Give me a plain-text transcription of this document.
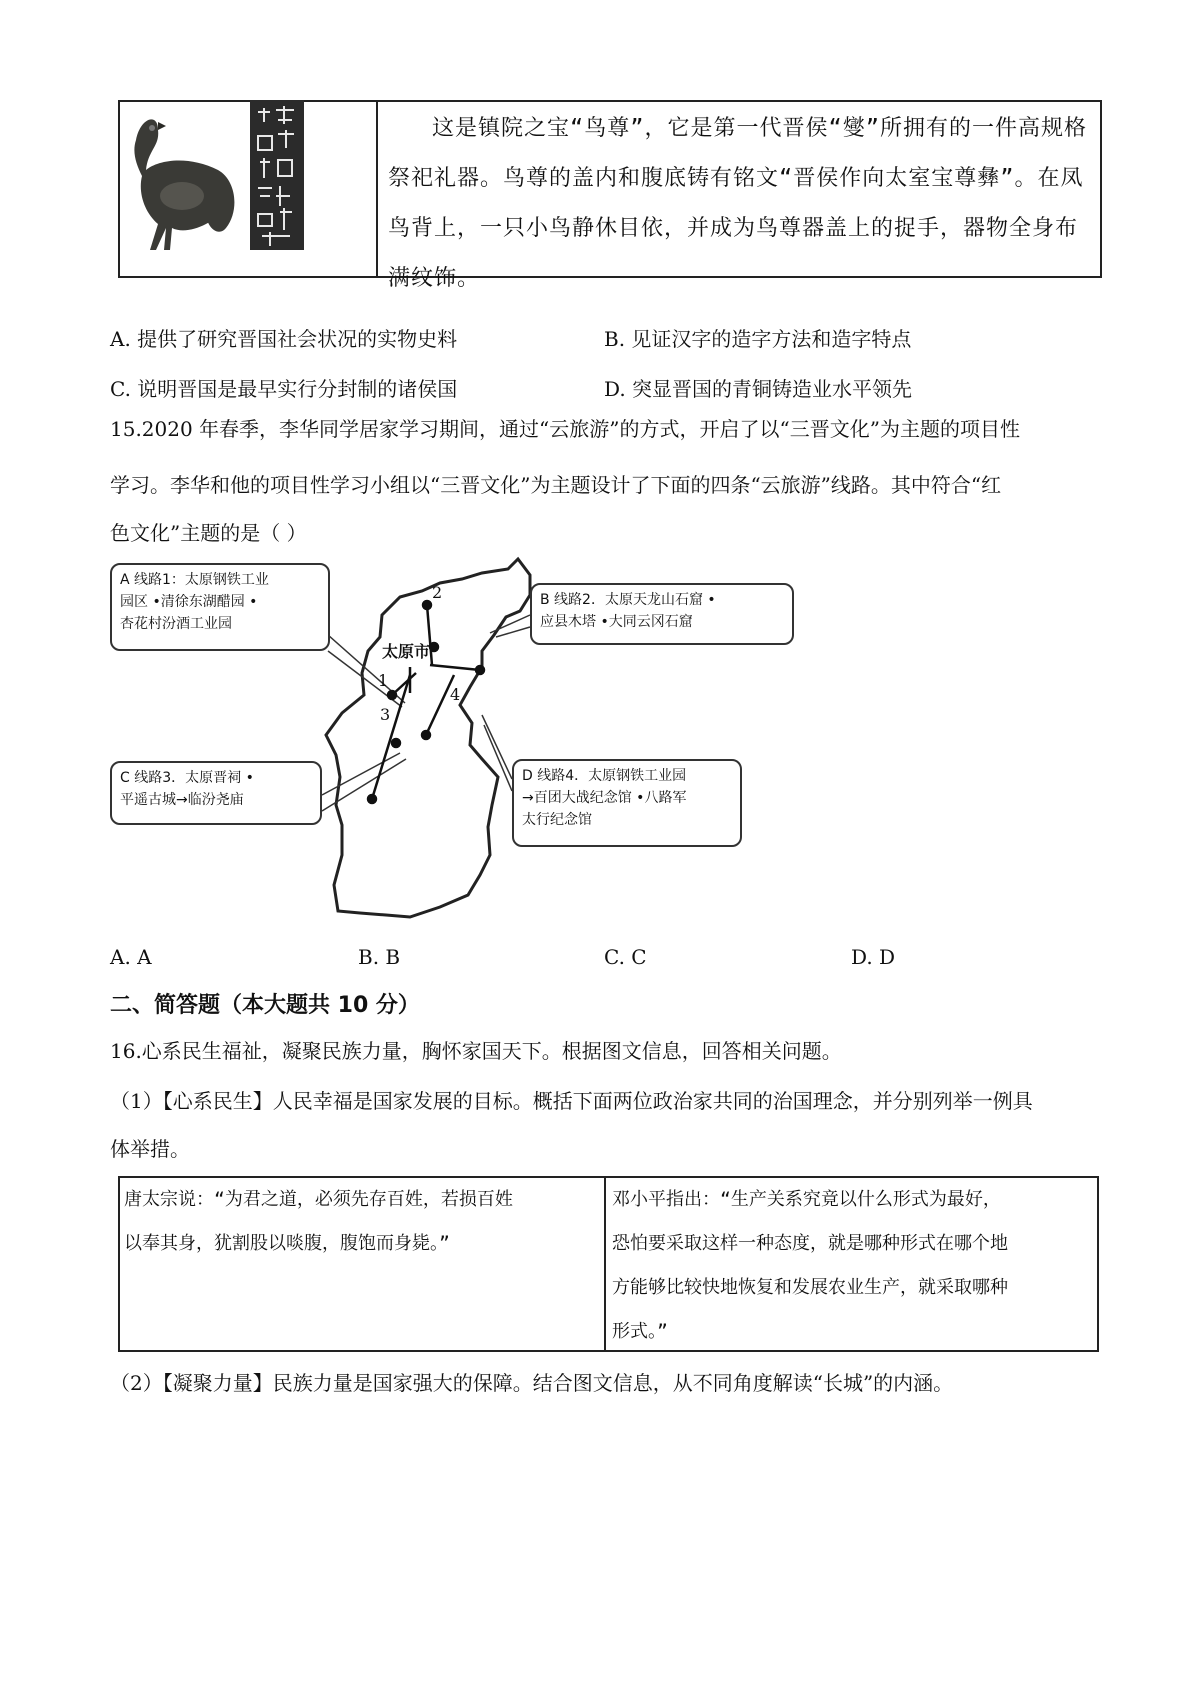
这是镇院之宝“鸟尊”，它是第一代晋侯“燮”所拥有的一件高规格祭祀礼器。鸟尊的盖内和腹底铸有铭文“晋侯作向太室宝尊彝”。在凤鸟背上，一只小鸟静休目依，并成为鸟尊器盖上的捉手，器物全身布满纹饰。
A. 提供了研究晋国社会状况的实物史料	B. 见证汉字的造字方法和造字特点
C. 说明晋国是最早实行分封制的诸侯国	D. 突显晋国的青铜铸造业水平领先
15.2020 年春季，李华同学居家学习期间，通过“云旅游”的方式，开启了以“三晋文化”为主题的项目性
学习。李华和他的项目性学习小组以“三晋文化”为主题设计了下面的四条“云旅游”线路。其中符合“红
色文化”主题的是（ ）
太原市
1
2
3
4
A 线路1：太原钢铁工业
园区 •清徐东湖醋园 •
杏花村汾酒工业园
B 线路2．太原天龙山石窟 •
应县木塔 •大同云冈石窟
C 线路3．太原晋祠 •
平遥古城→临汾尧庙
D 线路4．太原钢铁工业园
→百团大战纪念馆 •八路军
太行纪念馆
A. A	B. B	C. C	D. D
二、简答题（本大题共 10 分）
16.心系民生福祉，凝聚民族力量，胸怀家国天下。根据图文信息，回答相关问题。
（1）【心系民生】人民幸福是国家发展的目标。概括下面两位政治家共同的治国理念，并分别列举一例具
体举措。
唐太宗说：“为君之道，必须先存百姓，若损百姓
以奉其身，犹割股以啖腹，腹饱而身毙。”
邓小平指出：“生产关系究竟以什么形式为最好，
恐怕要采取这样一种态度，就是哪种形式在哪个地
方能够比较快地恢复和发展农业生产，就采取哪种
形式。”
（2）【凝聚力量】民族力量是国家强大的保障。结合图文信息，从不同角度解读“长城”的内涵。
